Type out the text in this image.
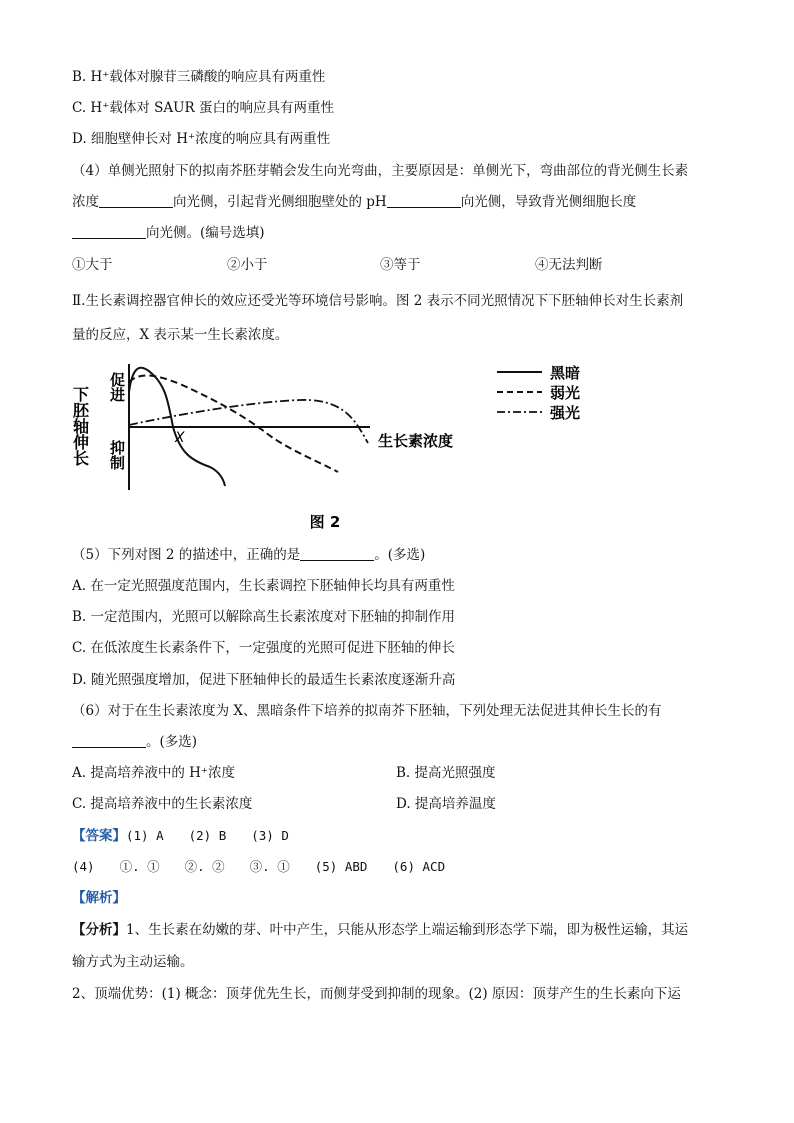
B. H⁺载体对腺苷三磷酸的响应具有两重性
C. H⁺载体对 SAUR 蛋白的响应具有两重性
D. 细胞壁伸长对 H⁺浓度的响应具有两重性
（4）单侧光照射下的拟南芥胚芽鞘会发生向光弯曲，主要原因是：单侧光下，弯曲部位的背光侧生长素
浓度	向光侧，引起背光侧细胞壁处的 pH	向光侧，导致背光侧细胞长度
向光侧。(编号选填)
①大于	②小于	③等于	④无法判断
Ⅱ.生长素调控器官伸长的效应还受光等环境信号影响。图 2 表示不同光照情况下下胚轴伸长对生长素剂
量的反应，X 表示某一生长素浓度。
下胚轴伸长 促进
抑制
X	生长素浓度
黑暗
弱光
强光
图 2
（5）下列对图 2 的描述中，正确的是	。(多选)
A. 在一定光照强度范围内，生长素调控下胚轴伸长均具有两重性
B. 一定范围内，光照可以解除高生长素浓度对下胚轴的抑制作用
C. 在低浓度生长素条件下，一定强度的光照可促进下胚轴的伸长
D. 随光照强度增加，促进下胚轴伸长的最适生长素浓度逐渐升高
（6）对于在生长素浓度为 X、黑暗条件下培养的拟南芥下胚轴，下列处理无法促进其伸长生长的有
。(多选)
A. 提高培养液中的 H⁺浓度	B. 提高光照强度
C. 提高培养液中的生长素浓度	D. 提高培养温度
【答案】(1) A　　(2) B　　(3) D
(4)　　①. ①　　②. ②　　③. ①　　(5) ABD　　(6) ACD
【解析】
【分析】1、生长素在幼嫩的芽、叶中产生，只能从形态学上端运输到形态学下端，即为极性运输，其运
输方式为主动运输。
2、顶端优势：(1) 概念：顶芽优先生长，而侧芽受到抑制的现象。(2) 原因：顶芽产生的生长素向下运
